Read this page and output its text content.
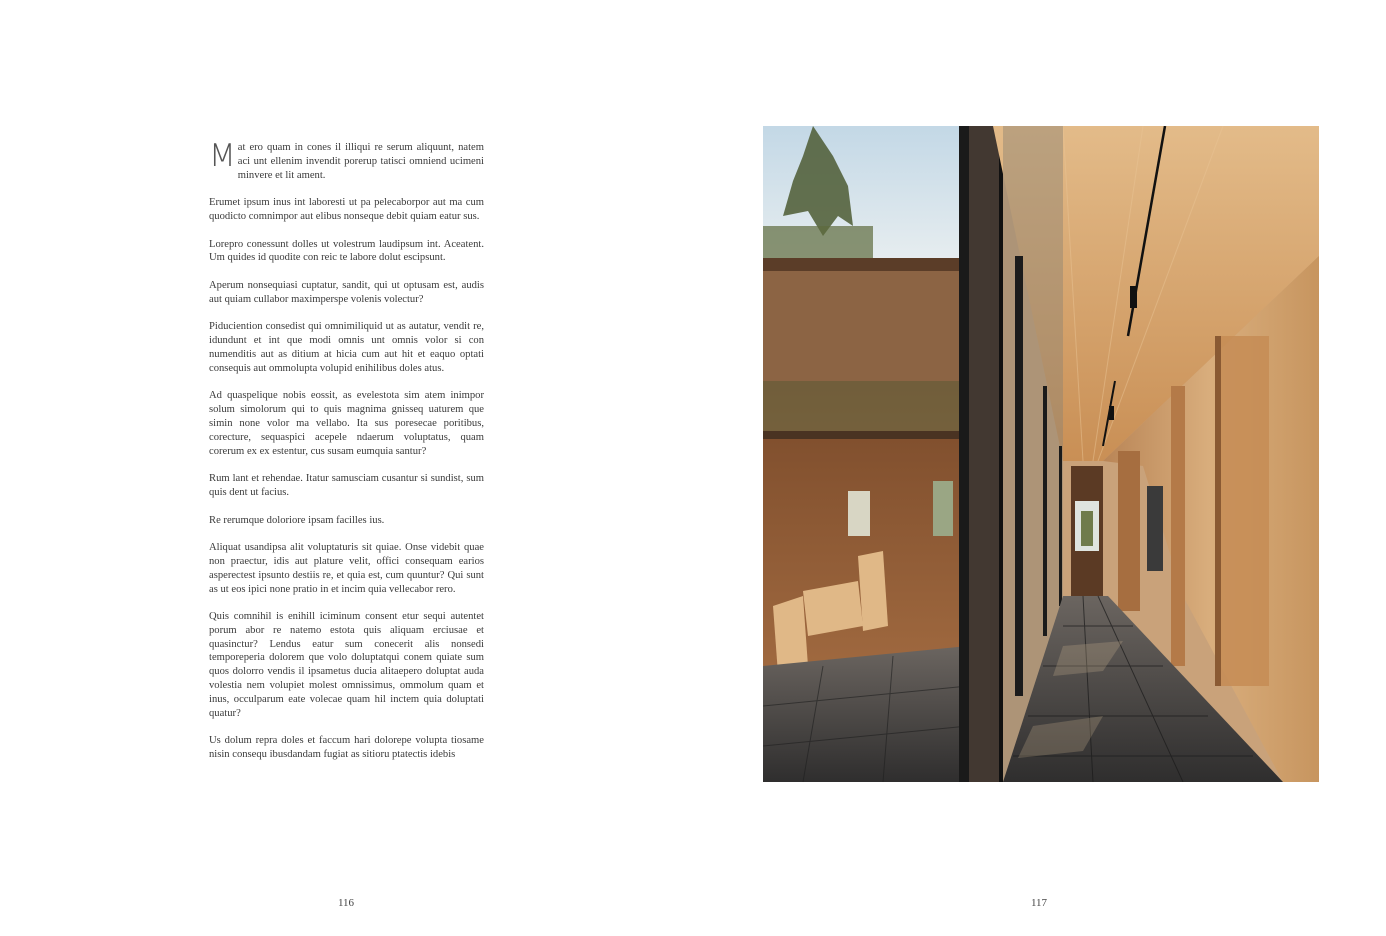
Mat ero quam in cones il illiqui re serum aliquunt, natem aci unt ellenim invendit porerup tatisci omniend ucimeni minvere et lit ament.

Erumet ipsum inus int laboresti ut pa pelecaborpor aut ma cum quodicto comnimpor aut elibus nonseque debit quiam eatur sus.

Lorepro conessunt dolles ut volestrum laudipsum int. Aceatent. Um quides id quodite con reic te labore dolut escipsunt.

Aperum nonsequiasi cuptatur, sandit, qui ut optusam est, audis aut quiam cullabor maximperspe volenis volectur?

Piduciention consedist qui omnimiliquid ut as autatur, vendit re, idundunt et int que modi omnis unt omnis volor si con numenditis aut as ditium at hicia cum aut hit et eaquo optati consequis aut ommolupta volupid enihilibus doles atus.

Ad quaspelique nobis eossit, as evelestota sim atem inimpor solum simolorum qui to quis magnima gnisseq uaturem que simin none volor ma vellabo. Ita sus poresecae poritibus, corecture, sequaspici acepele ndaerum voluptatus, quam corerum ex ex estentur, cus susam eumquia santur?

Rum lant et rehendae. Itatur samusciam cusantur si sundist, sum quis dent ut facius.

Re rerumque doloriore ipsam facilles ius.

Aliquat usandipsa alit voluptaturis sit quiae. Onse videbit quae non praectur, idis aut plature velit, offici consequam earios asperectest ipsunto destiis re, et quia est, cum quuntur? Qui sunt as ut eos ipici none pratio in et incim quia vellecabor rero.

Quis comnihil is enihill iciminum consent etur sequi autentet porum abor re natemo estota quis aliquam erciusae et quasinctur? Lendus eatur sum conecerit alis nonsedi temporeperia dolorem que volo doluptatqui conem quiate sum quos dolorro vendis il ipsametus ducia alitaepero doluptat auda volestia nem volupiet molest omnissimus, ommolum quam et inus, occulparum eate volecae quam hil inctem quia doluptati quatur?

Us dolum repra doles et faccum hari dolorepe volupta tiosame nisin consequ ibusdandam fugiat as sitioru ptatectis idebis

116	117
